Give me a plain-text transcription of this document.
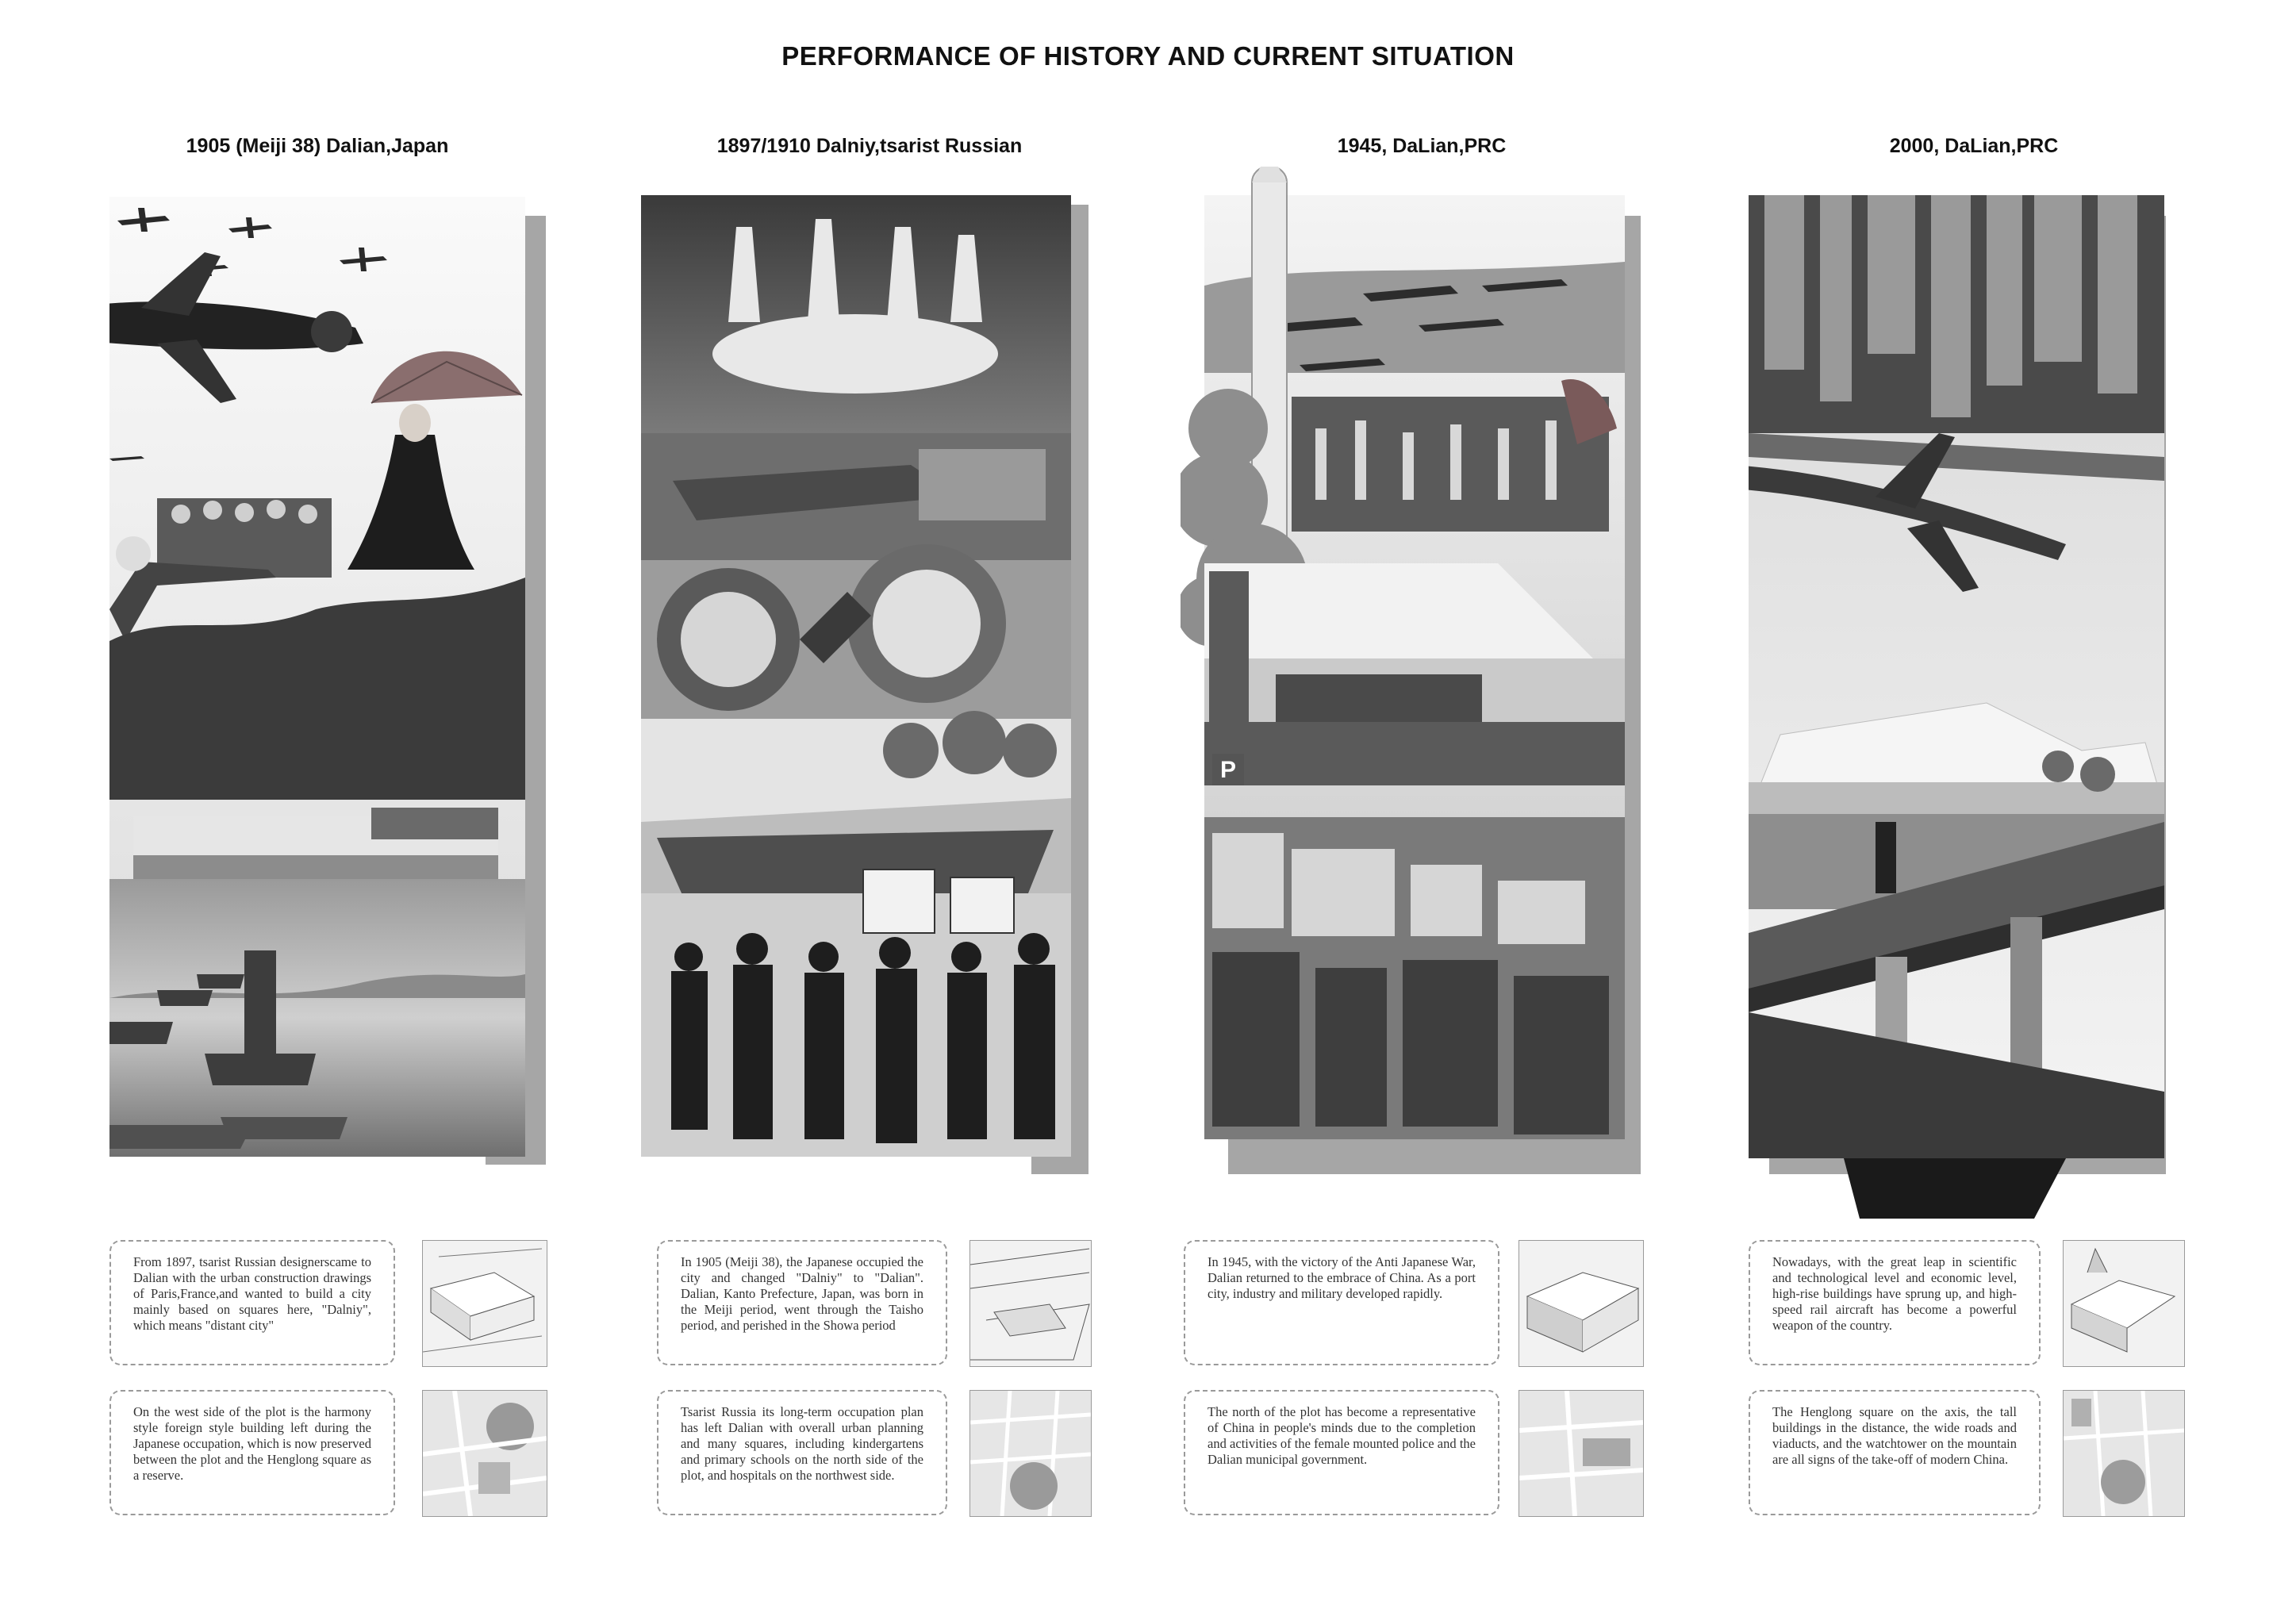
PERFORMANCE OF HISTORY AND CURRENT SITUATION
1905 (Meiji 38) Dalian,Japan	1897/1910 Dalniy,tsarist Russian	1945, DaLian,PRC	2000, DaLian,PRC
P

From 1897, tsarist Russian designerscame to Dalian with the urban construction drawings of Paris,France,and wanted to build a city mainly based on squares here, "Dalniy", which means "distant city"

On the west side of the plot is the harmony style foreign style building left during the Japanese occupation, which is now preserved between the plot and the Henglong square as a reserve.

In 1905 (Meiji 38), the Japanese occupied the city and changed "Dalniy" to "Dalian". Dalian, Kanto Prefecture, Japan, was born in the Meiji period, went through the Taisho period, and perished in the Showa period

Tsarist Russia its long-term occupation plan has left Dalian with overall urban planning and many squares, including kindergartens and primary schools on the north side of the plot, and hospitals on the northwest side.

In 1945, with the victory of the Anti Japanese War, Dalian returned to the embrace of China. As a port city, industry and military developed rapidly.

The north of the plot has become a representative of China in people's minds due to the completion and activities of the female mounted police and the Dalian municipal government.

Nowadays, with the great leap in scientific and technological level and economic level, high-rise buildings have sprung up, and high-speed rail aircraft has become a powerful weapon of the country.

The Henglong square on the axis, the tall buildings in the distance, the wide roads and viaducts, and the watchtower on the mountain are all signs of the take-off of modern China.
